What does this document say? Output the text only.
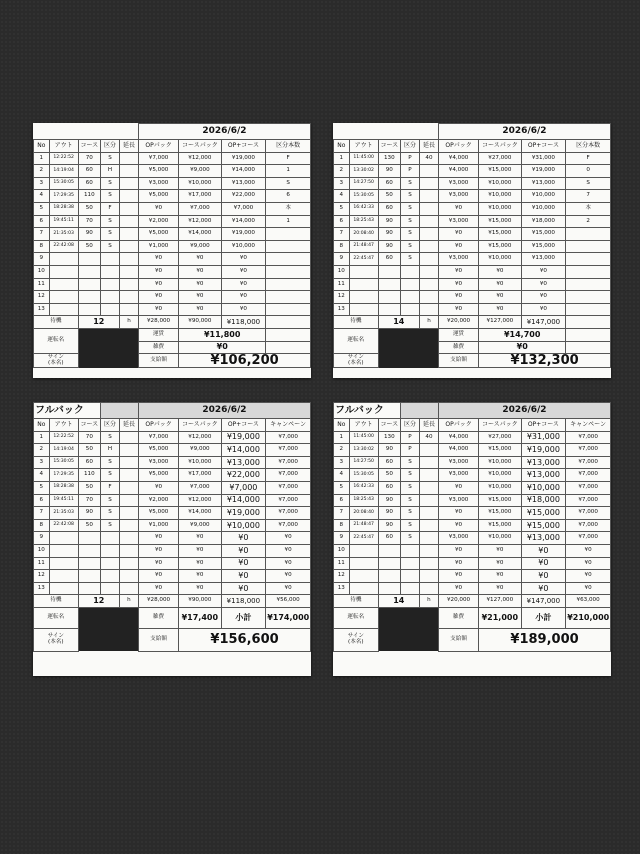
					2026/6/2			
No	アウト	コース	区分	延長	OPパック	コースパック	OP+コース	区分本数
1	12:22:52	70	S		¥7,000	¥12,000	¥19,000	F
2	14:19:04	60	H		¥5,000	¥9,000	¥14,000	1
3	15:30:05	60	S		¥3,000	¥10,000	¥13,000	S
4	17:29:35	110	S		¥5,000	¥17,000	¥22,000	6
5	18:28:38	50	F		¥0	¥7,000	¥7,000	本
6	19:45:11	70	S		¥2,000	¥12,000	¥14,000	1
7	21:35:03	90	S		¥5,000	¥14,000	¥19,000	
8	22:42:08	50	S		¥1,000	¥9,000	¥10,000	
9					¥0	¥0	¥0	
10					¥0	¥0	¥0	
11					¥0	¥0	¥0	
12					¥0	¥0	¥0	
13					¥0	¥0	¥0	
待機		12		h	¥28,000	¥90,000	¥118,000	
運転名					運賃	¥11,800		
					雑費	¥0		
サイン
(本名)					支給額	¥106,200		

					2026/6/2			
No	アウト	コース	区分	延長	OPパック	コースパック	OP+コース	区分本数
1	11:45:00	130	P	40	¥4,000	¥27,000	¥31,000	F
2	13:30:02	90	P		¥4,000	¥15,000	¥19,000	0
3	14:27:50	60	S		¥3,000	¥10,000	¥13,000	S
4	15:30:05	50	S		¥3,000	¥10,000	¥10,000	7
5	16:42:33	60	S		¥0	¥10,000	¥10,000	本
6	18:25:43	90	S		¥3,000	¥15,000	¥18,000	2
7	20:08:40	90	S		¥0	¥15,000	¥15,000	
8	21:48:47	90	S		¥0	¥15,000	¥15,000	
9	22:45:47	60	S		¥3,000	¥10,000	¥13,000	
10					¥0	¥0	¥0	
11					¥0	¥0	¥0	
12					¥0	¥0	¥0	
13					¥0	¥0	¥0	
待機		14		h	¥20,000	¥127,000	¥147,000	
運転名					運賃	¥14,700		
					雑費	¥0		
サイン
(本名)					支給額	¥132,300		

フルバック					2026/6/2			
No	アウト	コース	区分	延長	OPパック	コースパック	OP+コース	キャンペーン
1	12:22:52	70	S		¥7,000	¥12,000	¥19,000	¥7,000
2	14:19:04	50	H		¥5,000	¥9,000	¥14,000	¥7,000
3	15:30:05	60	S		¥3,000	¥10,000	¥13,000	¥7,000
4	17:29:35	110	S		¥5,000	¥17,000	¥22,000	¥7,000
5	18:28:38	50	F		¥0	¥7,000	¥7,000	¥7,000
6	19:45:11	70	S		¥2,000	¥12,000	¥14,000	¥7,000
7	21:35:03	90	S		¥5,000	¥14,000	¥19,000	¥7,000
8	22:42:08	50	S		¥1,000	¥9,000	¥10,000	¥7,000
9					¥0	¥0	¥0	¥0
10					¥0	¥0	¥0	¥0
11					¥0	¥0	¥0	¥0
12					¥0	¥0	¥0	¥0
13					¥0	¥0	¥0	¥0
待機		12		h	¥28,000	¥90,000	¥118,000	¥56,000
運転名					雑費	¥17,400	小計	¥174,000
サイン
(本名)					支給額	¥156,600		
フルバック					2026/6/2			
No	アウト	コース	区分	延長	OPパック	コースパック	OP+コース	キャンペーン
1	11:45:00	130	P	40	¥4,000	¥27,000	¥31,000	¥7,000
2	13:30:02	90	P		¥4,000	¥15,000	¥19,000	¥7,000
3	14:27:50	60	S		¥3,000	¥10,000	¥13,000	¥7,000
4	15:30:05	50	S		¥3,000	¥10,000	¥13,000	¥7,000
5	16:42:33	60	S		¥0	¥10,000	¥10,000	¥7,000
6	18:25:43	90	S		¥3,000	¥15,000	¥18,000	¥7,000
7	20:08:40	90	S		¥0	¥15,000	¥15,000	¥7,000
8	21:48:47	90	S		¥0	¥15,000	¥15,000	¥7,000
9	22:45:47	60	S		¥3,000	¥10,000	¥13,000	¥7,000
10					¥0	¥0	¥0	¥0
11					¥0	¥0	¥0	¥0
12					¥0	¥0	¥0	¥0
13					¥0	¥0	¥0	¥0
待機		14		h	¥20,000	¥127,000	¥147,000	¥63,000
運転名					雑費	¥21,000	小計	¥210,000
サイン
(本名)					支給額	¥189,000		
